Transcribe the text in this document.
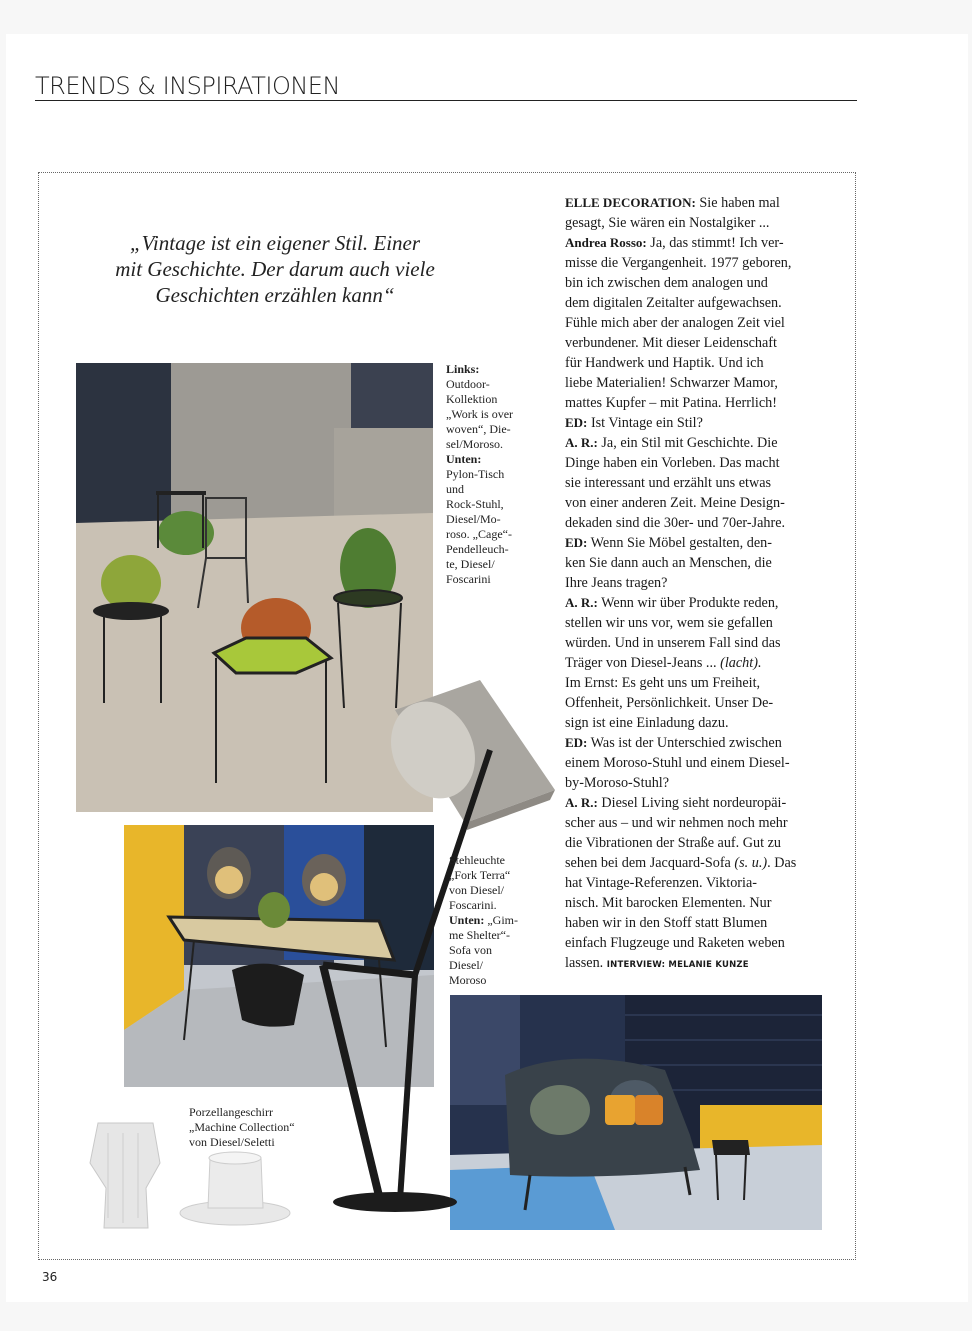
TRENDS & INSPIRATIONEN
„Vintage ist ein eigener Stil. Einer
mit Geschichte. Der darum auch viele
Geschichten erzählen kann“
Links:
Outdoor-
Kollektion
„Work is over
woven“, Die-
sel/Moroso.
Unten:
Pylon-Tisch
und
Rock-Stuhl,
Diesel/Mo-
roso. „Cage“-
Pendelleuch-
te, Diesel/
Foscarini
Stehleuchte
„Fork Terra“
von Diesel/
Foscarini.
Unten: „Gim-
me Shelter“-
Sofa von
Diesel/
Moroso
Porzellangeschirr
„Machine Collection“
von Diesel/Seletti

ELLE DECORATION: Sie haben mal

gesagt, Sie wären ein Nostalgiker ...

Andrea Rosso: Ja, das stimmt! Ich ver-

misse die Vergangenheit. 1977 geboren,

bin ich zwischen dem analogen und

dem digitalen Zeitalter aufgewachsen.

Fühle mich aber der analogen Zeit viel

verbundener. Mit dieser Leidenschaft

für Handwerk und Haptik. Und ich

liebe Materialien! Schwarzer Mamor,

mattes Kupfer – mit Patina. Herrlich!

ED: Ist Vintage ein Stil?

A. R.: Ja, ein Stil mit Geschichte. Die

Dinge haben ein Vorleben. Das macht

sie interessant und erzählt uns etwas

von einer anderen Zeit. Meine Design-

dekaden sind die 30er- und 70er-Jahre.

ED: Wenn Sie Möbel gestalten, den-

ken Sie dann auch an Menschen, die

Ihre Jeans tragen?

A. R.: Wenn wir über Produkte reden,

stellen wir uns vor, wem sie gefallen

würden. Und in unserem Fall sind das

Träger von Diesel-Jeans ... (lacht).

Im Ernst: Es geht uns um Freiheit,

Offenheit, Persönlichkeit. Unser De-

sign ist eine Einladung dazu.

ED: Was ist der Unterschied zwischen

einem Moroso-Stuhl und einem Diesel-

by-Moroso-Stuhl?

A. R.: Diesel Living sieht nordeuropäi-

scher aus – und wir nehmen noch mehr

die Vibrationen der Straße auf. Gut zu

sehen bei dem Jacquard-Sofa (s. u.). Das

hat Vintage-Referenzen. Viktoria-

nisch. Mit barocken Elementen. Nur

haben wir in den Stoff statt Blumen

einfach Flugzeuge und Raketen weben

lassen. INTERVIEW: MELANIE KUNZE

36
